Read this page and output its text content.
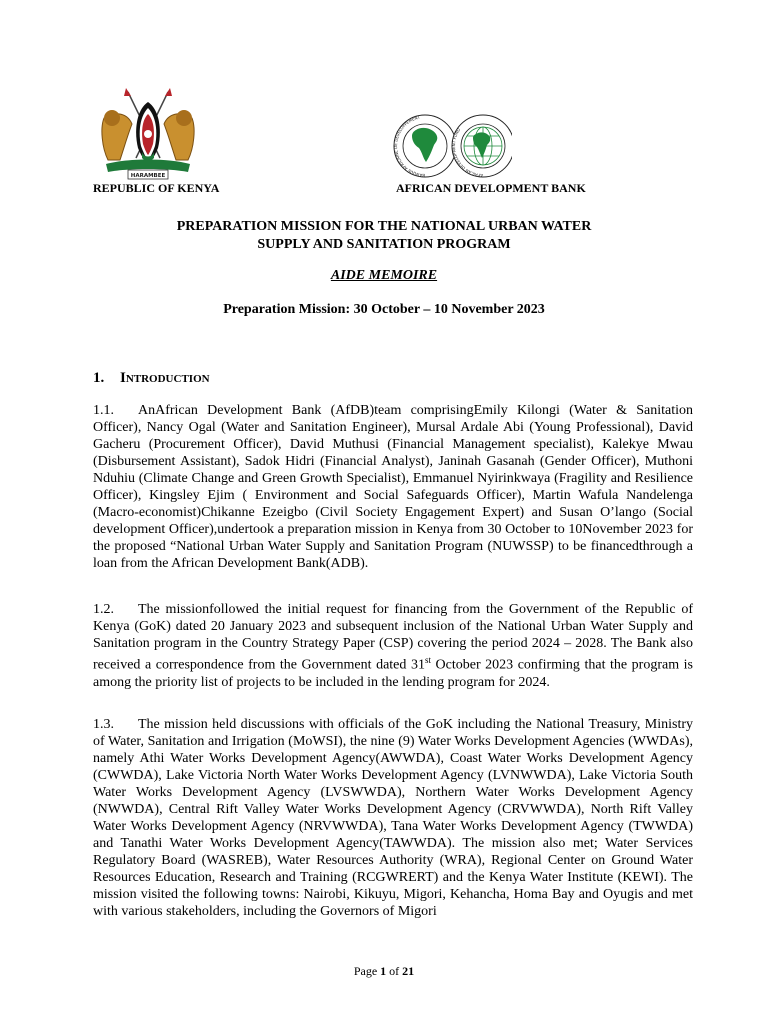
HARAMBEE	BANQUE AFRICAINE DE DEVELOPPEMENT
AFRICAN DEVELOPMENT FUND
REPUBLIC OF KENYA	AFRICAN DEVELOPMENT BANK
PREPARATION MISSION FOR THE NATIONAL URBAN WATER
SUPPLY AND SANITATION PROGRAM
AIDE MEMOIRE
Preparation Mission: 30 October – 10 November 2023
1. Introduction
1.1. AnAfrican Development Bank (AfDB)team comprisingEmily Kilongi (Water & Sanitation Officer), Nancy Ogal (Water and Sanitation Engineer), Mursal Ardale Abi (Young Professional), David Gacheru (Procurement Officer), David Muthusi (Financial Management specialist), Kalekye Mwau (Disbursement Assistant), Sadok Hidri (Financial Analyst), Janinah Gasanah (Gender Officer), Muthoni Nduhiu (Climate Change and Green Growth Specialist), Emmanuel Nyirinkwaya (Fragility and Resilience Officer), Kingsley Ejim ( Environment and Social Safeguards Officer), Martin Wafula Nandelenga (Macro-economist)Chikanne Ezeigbo (Civil Society Engagement Expert) and Susan O’lango (Social development Officer),undertook a preparation mission in Kenya from 30 October to 10November 2023 for the proposed “National Urban Water Supply and Sanitation Program (NUWSSP) to be financedthrough a loan from the African Development Bank(ADB).
1.2. The missionfollowed the initial request for financing from the Government of the Republic of Kenya (GoK) dated 20 January 2023 and subsequent inclusion of the National Urban Water Supply and Sanitation program in the Country Strategy Paper (CSP) covering the period 2024 – 2028. The Bank also received a correspondence from the Government dated 31st October 2023 confirming that the program is among the priority list of projects to be included in the lending program for 2024.
1.3. The mission held discussions with officials of the GoK including the National Treasury, Ministry of Water, Sanitation and Irrigation (MoWSI), the nine (9) Water Works Development Agencies (WWDAs), namely Athi Water Works Development Agency(AWWDA), Coast Water Works Development Agency (CWWDA), Lake Victoria North Water Works Development Agency (LVNWWDA), Lake Victoria South Water Works Development Agency (LVSWWDA), Northern Water Works Development Agency (NWWDA), Central Rift Valley Water Works Development Agency (CRVWWDA), North Rift Valley Water Works Development Agency (NRVWWDA), Tana Water Works Development Agency (TWWDA) and Tanathi Water Works Development Agency(TAWWDA). The mission also met; Water Services Regulatory Board (WASREB), Water Resources Authority (WRA), Regional Center on Ground Water Resources Education, Research and Training (RCGWRERT) and the Kenya Water Institute (KEWI). The mission visited the following towns: Nairobi, Kikuyu, Migori, Kehancha, Homa Bay and Oyugis and met with various stakeholders, including the Governors of Migori
Page 1 of 21
